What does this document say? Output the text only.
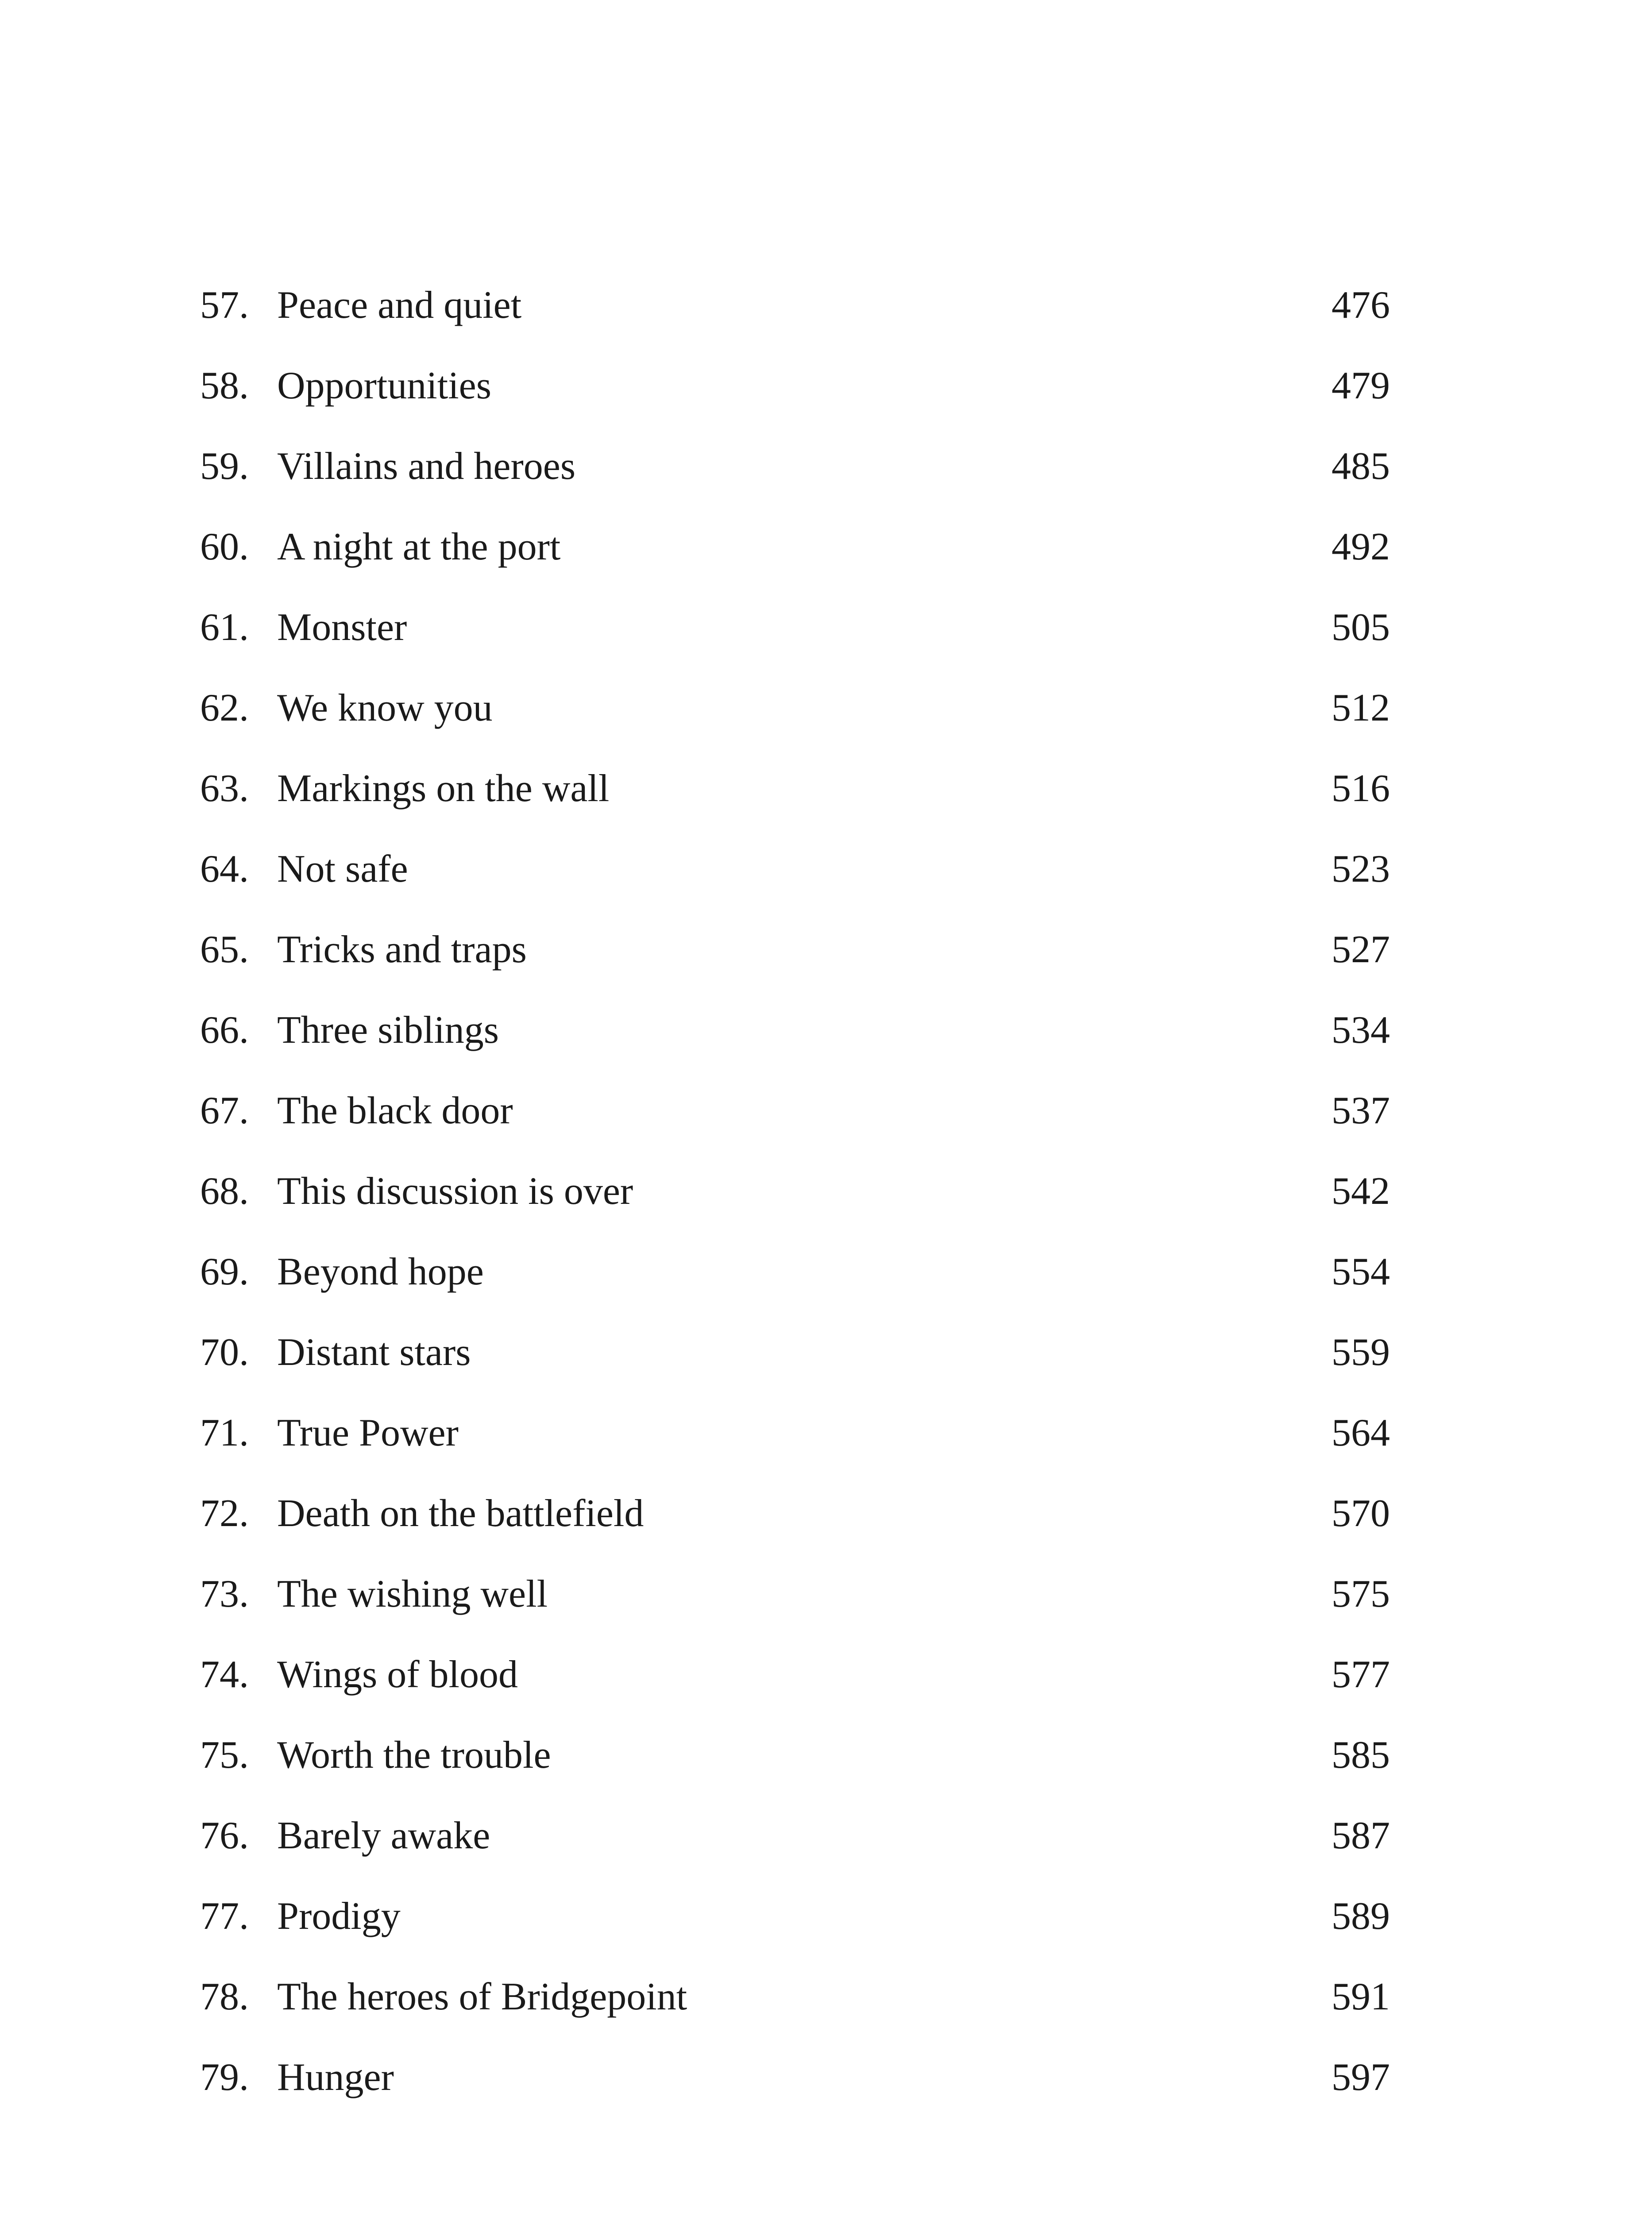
57. Peace and quiet	476
58. Opportunities	479
59. Villains and heroes	485
60. A night at the port	492
61. Monster	505
62. We know you	512
63. Markings on the wall	516
64. Not safe	523
65. Tricks and traps	527
66. Three siblings	534
67. The black door	537
68. This discussion is over	542
69. Beyond hope	554
70. Distant stars	559
71. True Power	564
72. Death on the battlefield	570
73. The wishing well	575
74. Wings of blood	577
75. Worth the trouble	585
76. Barely awake	587
77. Prodigy	589
78. The heroes of Bridgepoint	591
79. Hunger	597
